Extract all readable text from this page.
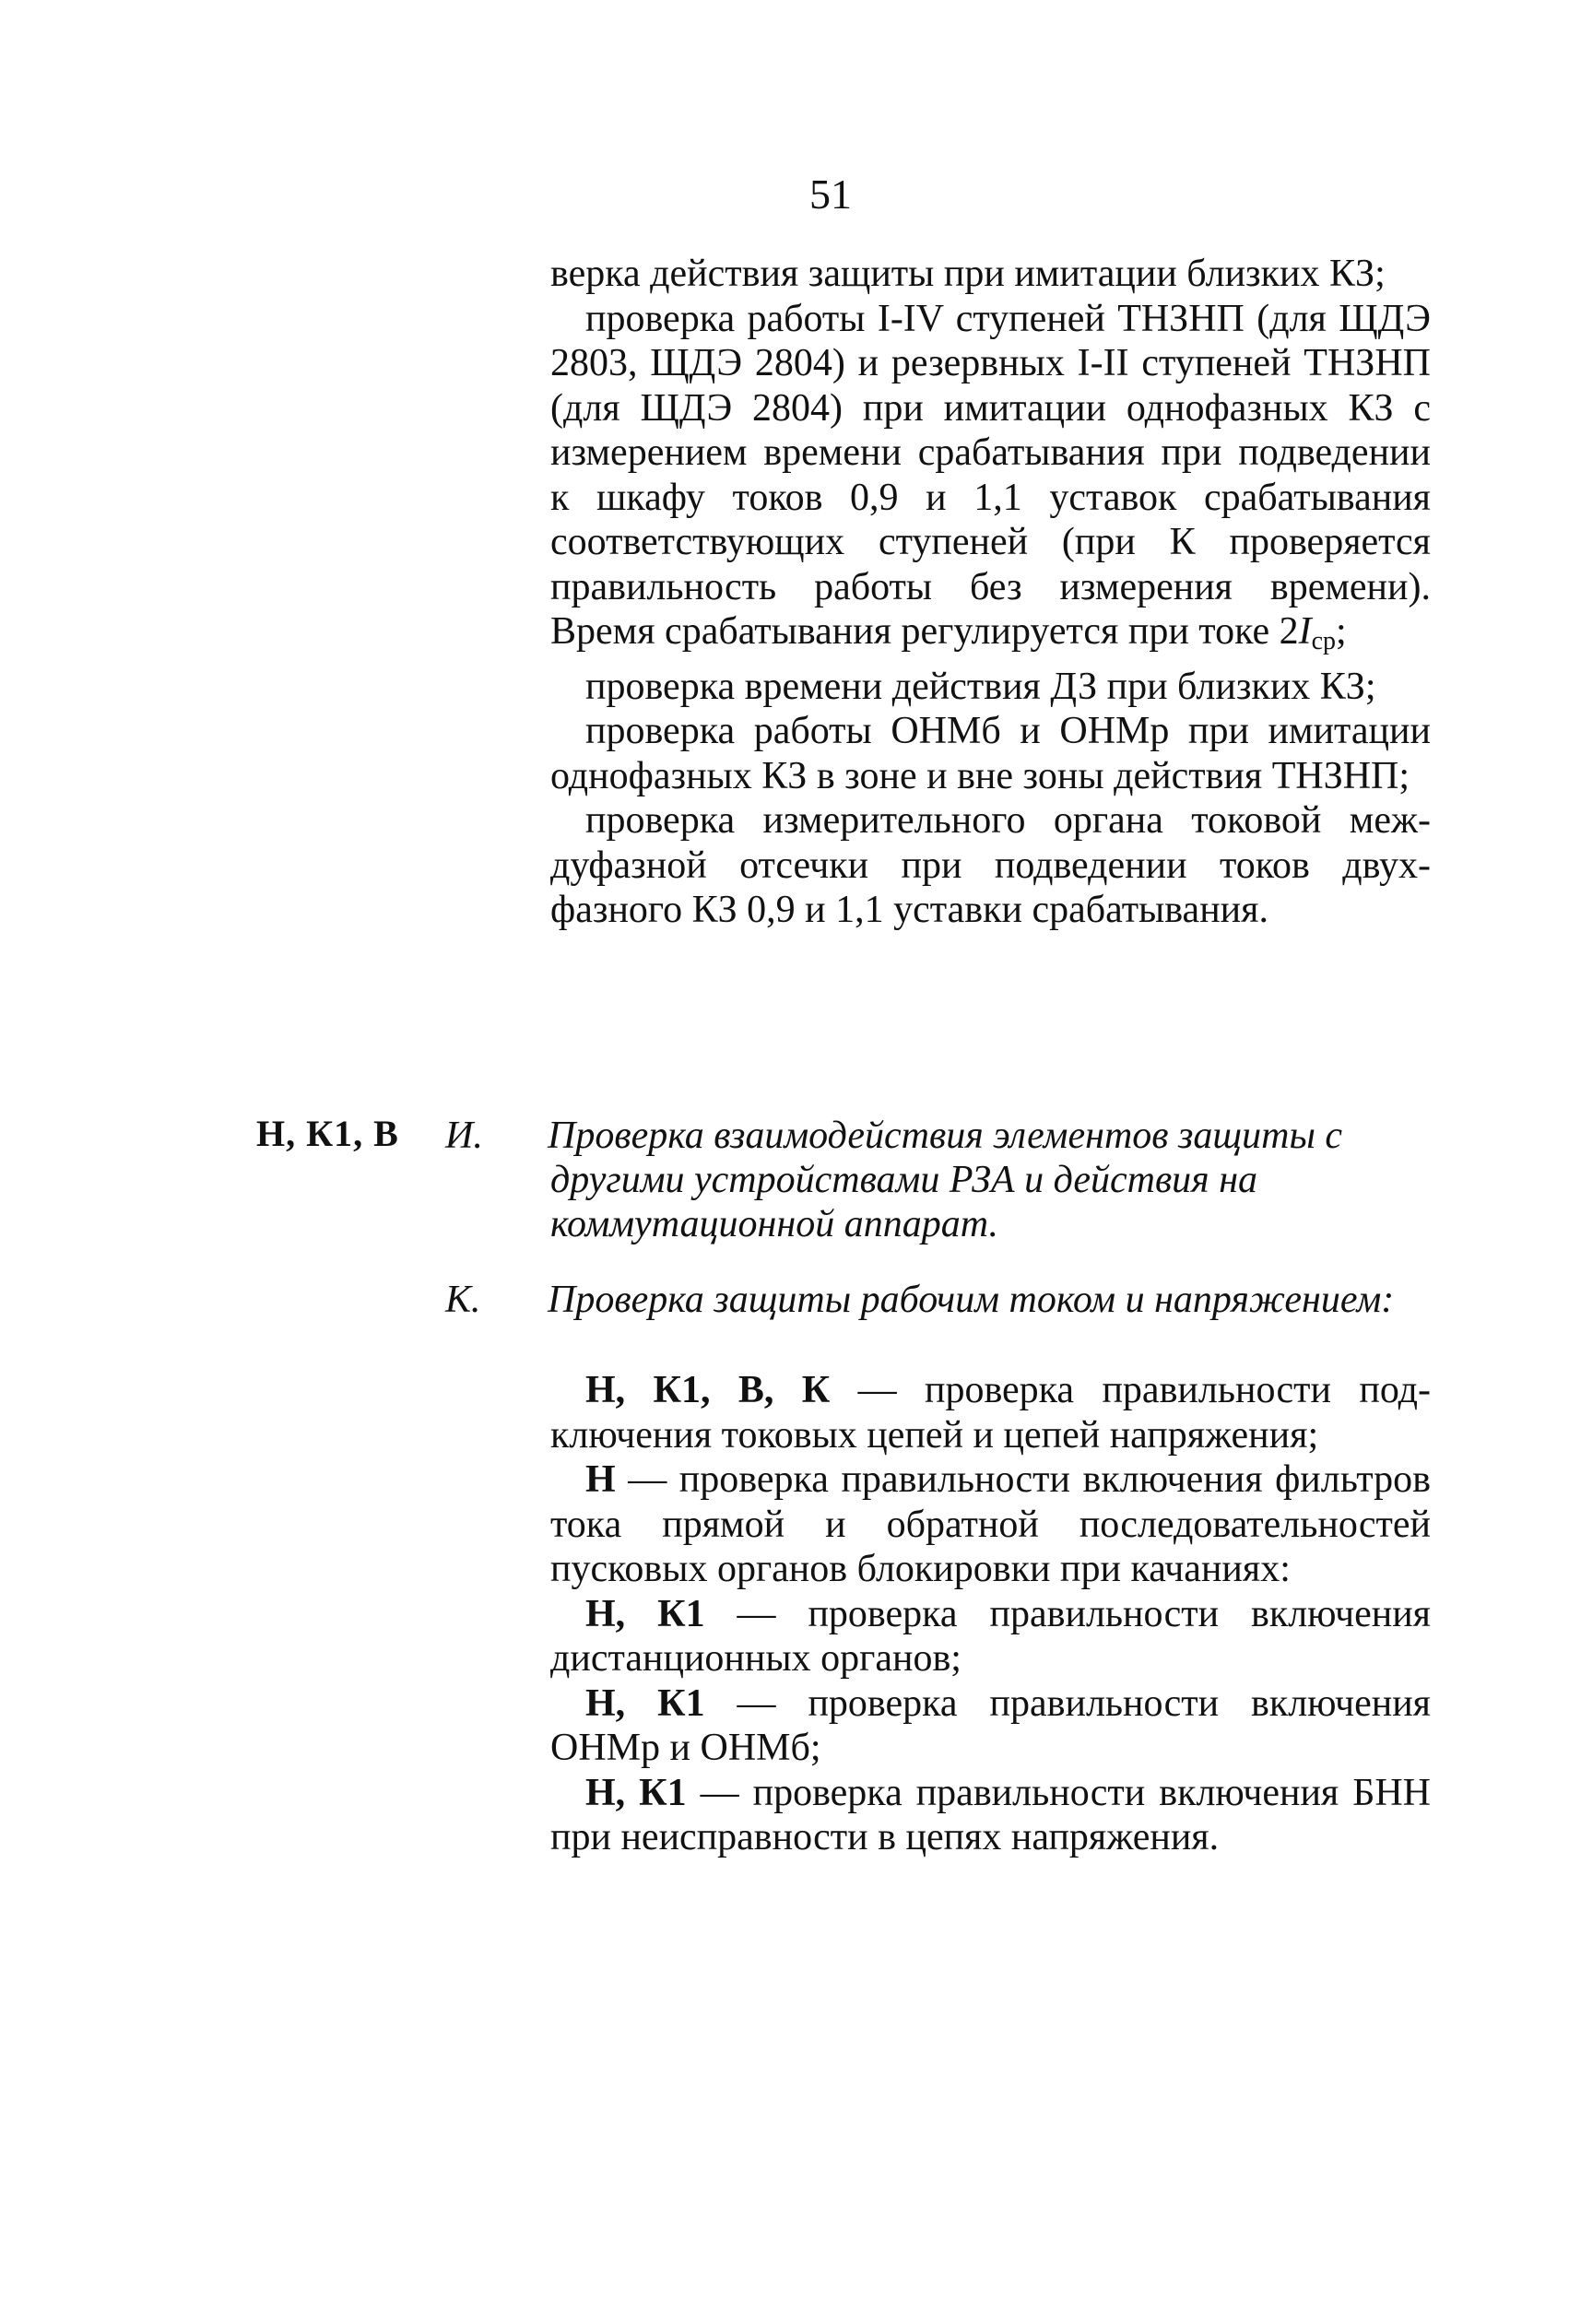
51

верка действия защиты при имитации близких КЗ;

проверка работы I-IV ступеней ТНЗНП (для ЩДЭ 2803, ЩДЭ 2804) и резервных I-II ступеней ТНЗНП (для ЩДЭ 2804) при имитации однофазных КЗ с измерением времени срабатывания при подведении к шкафу токов 0,9 и 1,1 уставок срабатывания соответствующих ступеней (при К проверяется правильность работы без измерения времени). Время срабатывания регулируется при токе $2I_{ср}$;

проверка времени действия ДЗ при близких КЗ;

проверка работы ОНМб и ОНМр при имитации однофазных КЗ в зоне и вне зоны действия ТНЗНП;

проверка измерительного органа токовой междуфазной отсечки при подведении токов двухфазного КЗ 0,9 и 1,1 уставки срабатывания.

Н, К1, В И. Проверка взаимодействия элементов защиты с другими устройствами РЗА и действия на коммутационной аппарат.

К. Проверка защиты рабочим током и напряжением:

Н, К1, В, К — проверка правильности подключения токовых цепей и цепей напряжения;

Н — проверка правильности включения фильтров тока прямой и обратной последовательностей пусковых органов блокировки при качаниях:

Н, К1 — проверка правильности включения дистанционных органов;

Н, К1 — проверка правильности включения ОНМр и ОНМб;

Н, К1 — проверка правильности включения БНН при неисправности в цепях напряжения.
